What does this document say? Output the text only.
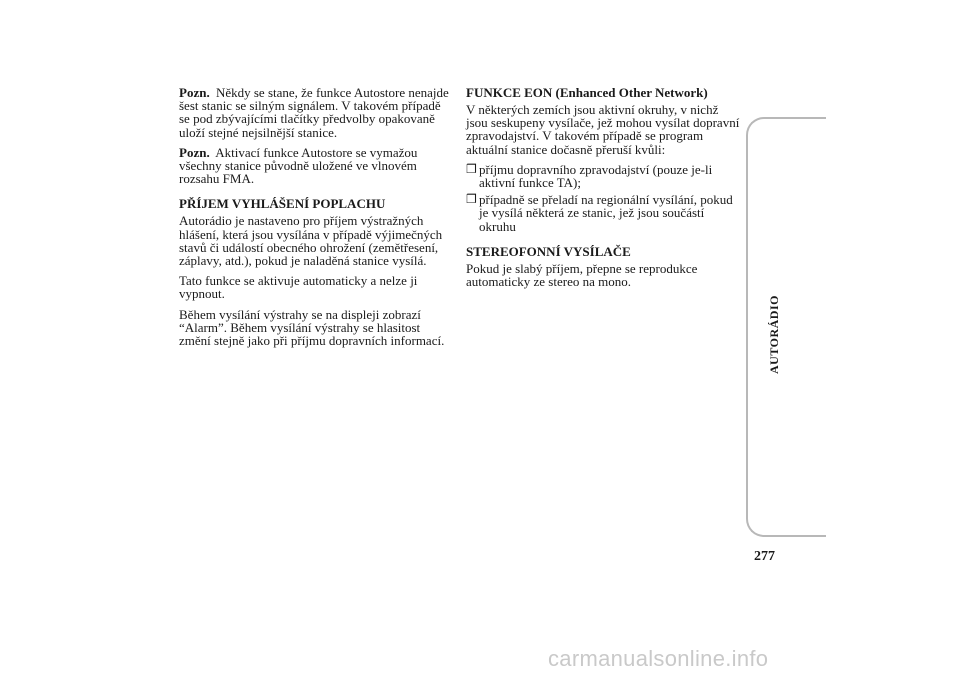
Pozn. Někdy se stane, že funkce Autostore nenajde šest stanic se silným signálem. V takovém případě se pod zbývajícími tlačítky předvolby opakovaně uloží stejné nejsilnější stanice.

Pozn. Aktivací funkce Autostore se vymažou všechny stanice původně uložené ve vlnovém rozsahu FMA.

PŘÍJEM VYHLÁŠENÍ POPLACHU

Autorádio je nastaveno pro příjem výstražných hlášení, která jsou vysílána v případě výjimečných stavů či událostí obecného ohrožení (zemětřesení, záplavy, atd.), pokud je naladěná stanice vysílá.

Tato funkce se aktivuje automaticky a nelze ji vypnout.

Během vysílání výstrahy se na displeji zobrazí “Alarm”. Během vysílání výstrahy se hlasitost změní stejně jako při příjmu dopravních informací.

FUNKCE EON (Enhanced Other Network)

V některých zemích jsou aktivní okruhy, v nichž jsou seskupeny vysílače, jež mohou vysílat dopravní zpravodajství. V takovém případě se program aktuální stanice dočasně přeruší kvůli:

❒ příjmu dopravního zpravodajství (pouze je-li aktivní funkce TA);
❒ případně se přeladí na regionální vysílání, pokud je vysílá některá ze stanic, jež jsou součástí okruhu
STEREOFONNÍ VYSÍLAČE

Pokud je slabý příjem, přepne se reprodukce automaticky ze stereo na mono.

AUTORÁDIO
277
carmanualsonline.info
